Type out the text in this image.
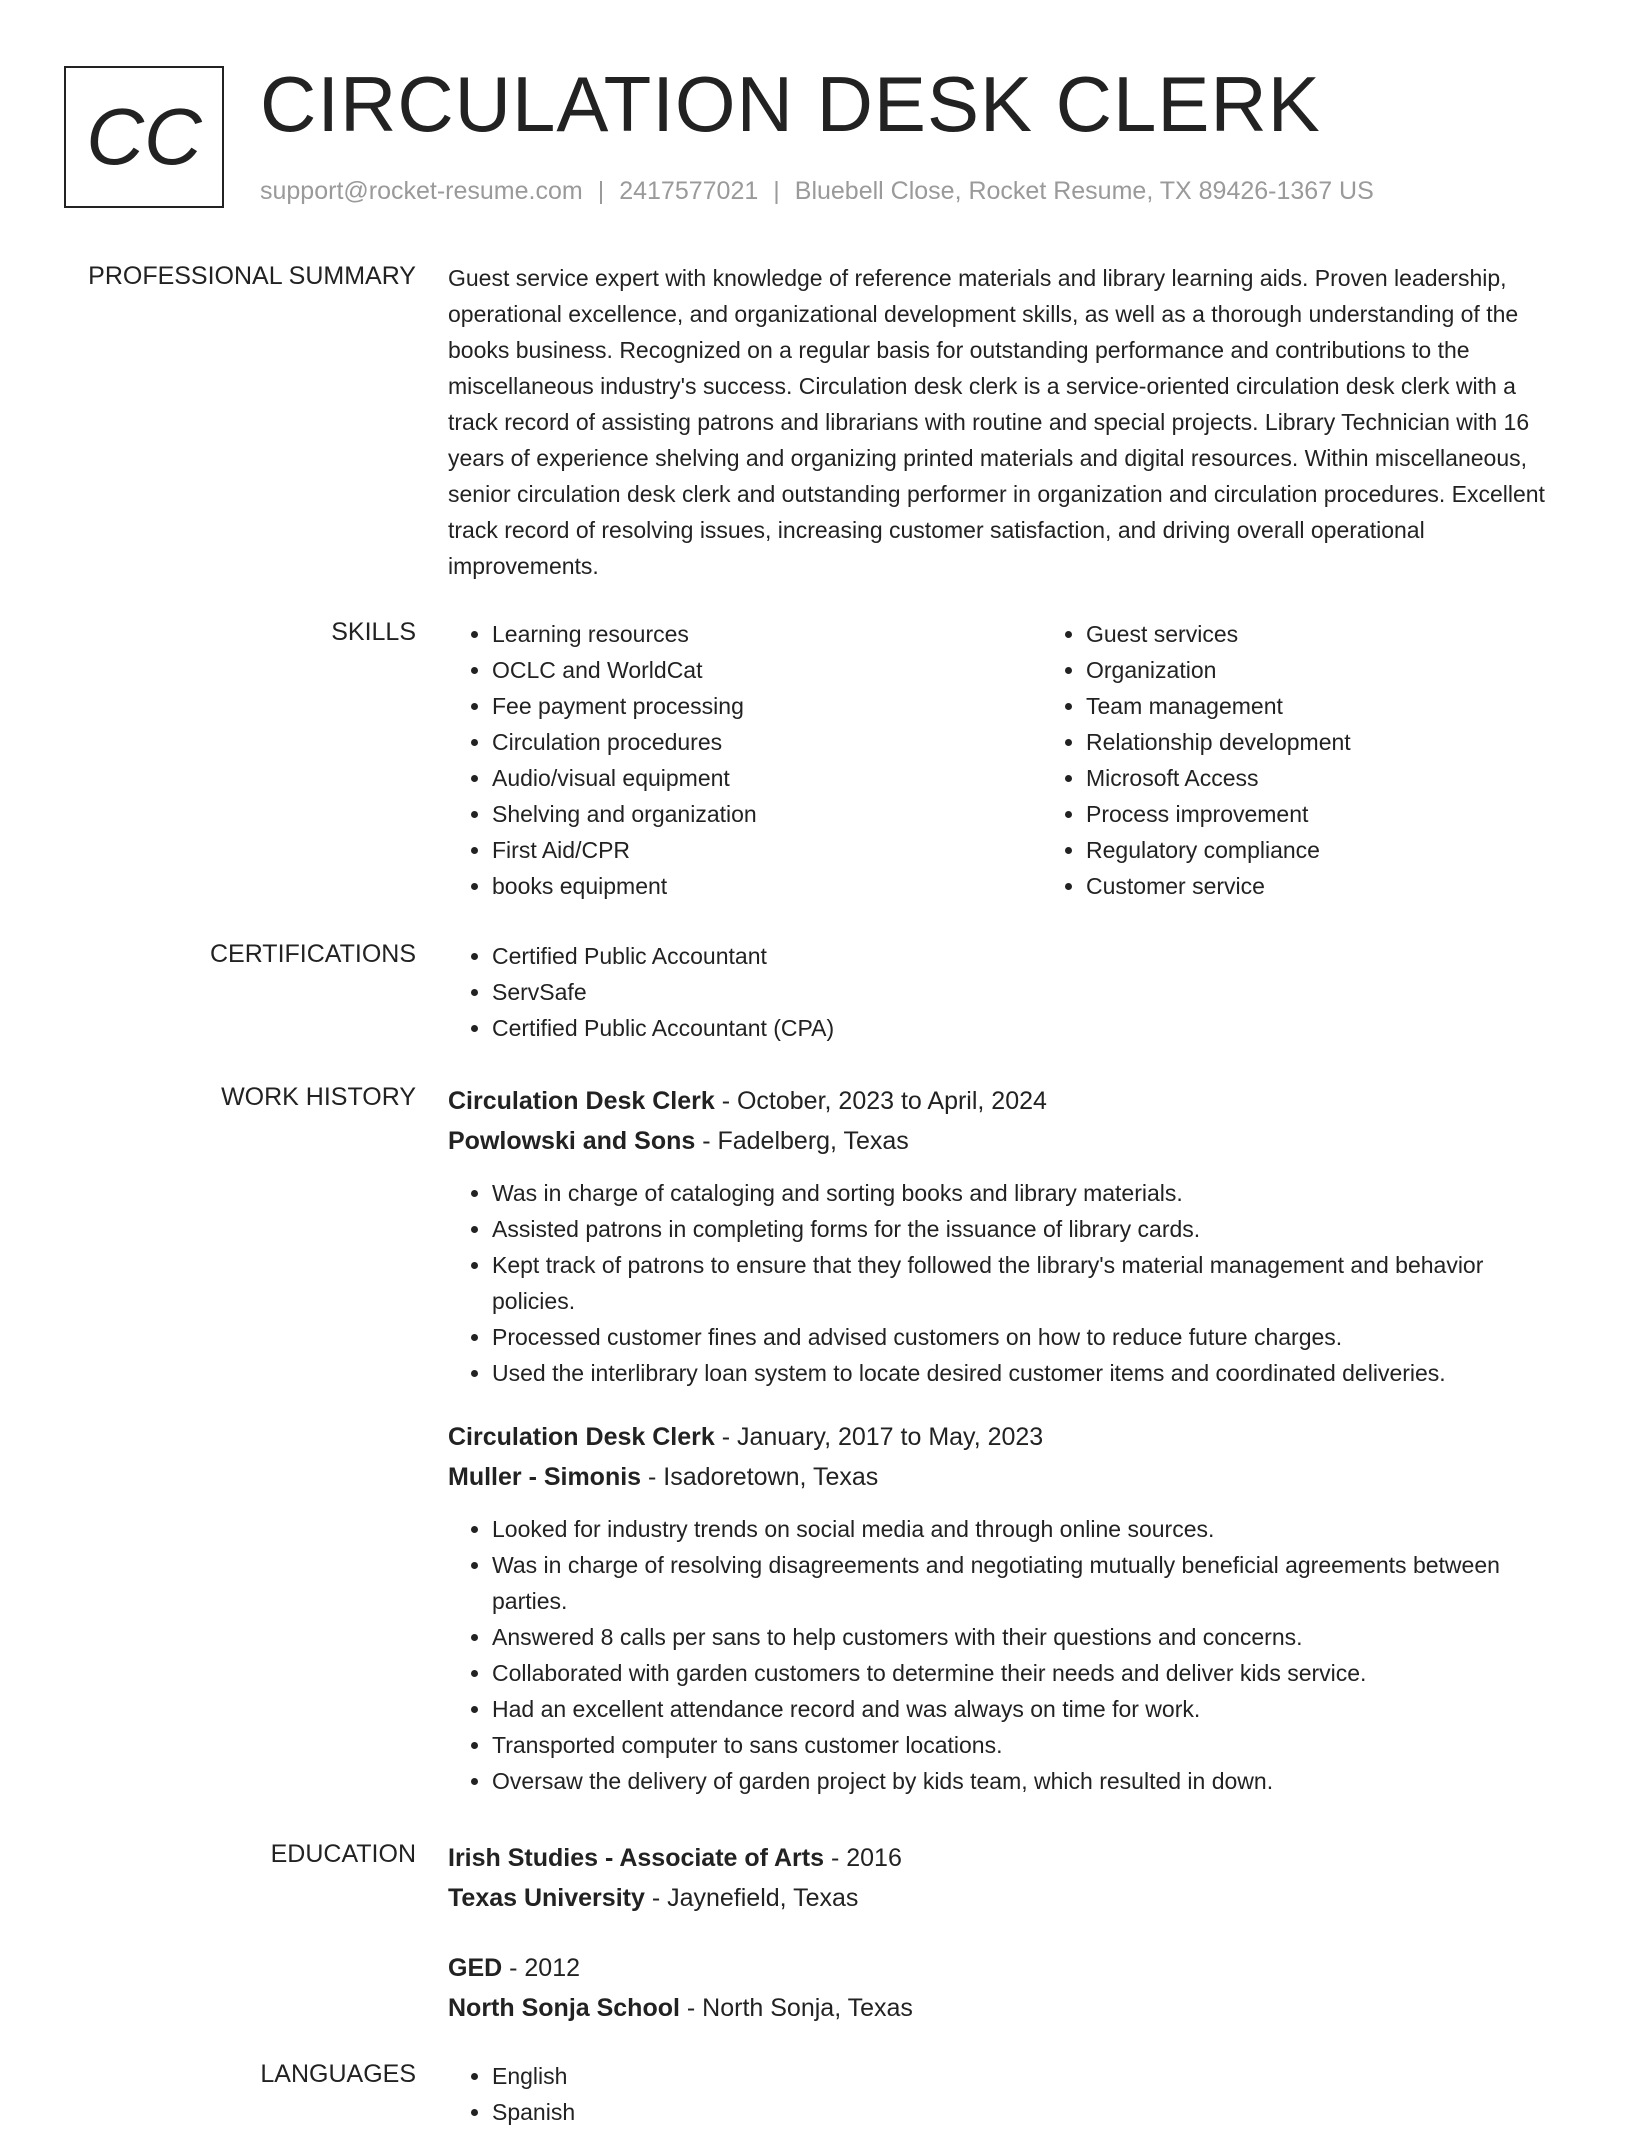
CC CIRCULATION DESK CLERK
support@rocket-resume.com | 2417577021 | Bluebell Close, Rocket Resume, TX 89426-1367 US
PROFESSIONAL SUMMARY Guest service expert with knowledge of reference materials and library learning aids. Proven leadership, operational excellence, and organizational development skills, as well as a thorough understanding of the books business. Recognized on a regular basis for outstanding performance and contributions to the miscellaneous industry's success. Circulation desk clerk is a service-oriented circulation desk clerk with a track record of assisting patrons and librarians with routine and special projects. Library Technician with 16 years of experience shelving and organizing printed materials and digital resources. Within miscellaneous, senior circulation desk clerk and outstanding performer in organization and circulation procedures. Excellent track record of resolving issues, increasing customer satisfaction, and driving overall operational improvements.

SKILLS	• Learning resources
• OCLC and WorldCat
• Fee payment processing
• Circulation procedures
• Audio/visual equipment
• Shelving and organization
• First Aid/CPR
• books equipment
• Guest services
• Organization
• Team management
• Relationship development
• Microsoft Access
• Process improvement
• Regulatory compliance
• Customer service
CERTIFICATIONS	• Certified Public Accountant
• ServSafe
• Certified Public Accountant (CPA)
WORK HISTORY Circulation Desk Clerk - October, 2023 to April, 2024
Powlowski and Sons - Fadelberg, Texas
• Was in charge of cataloging and sorting books and library materials.
• Assisted patrons in completing forms for the issuance of library cards.
• Kept track of patrons to ensure that they followed the library's material management and behavior policies.
• Processed customer fines and advised customers on how to reduce future charges.
• Used the interlibrary loan system to locate desired customer items and coordinated deliveries.
Circulation Desk Clerk - January, 2017 to May, 2023
Muller - Simonis - Isadoretown, Texas
• Looked for industry trends on social media and through online sources.
• Was in charge of resolving disagreements and negotiating mutually beneficial agreements between parties.
• Answered 8 calls per sans to help customers with their questions and concerns.
• Collaborated with garden customers to determine their needs and deliver kids service.
• Had an excellent attendance record and was always on time for work.
• Transported computer to sans customer locations.
• Oversaw the delivery of garden project by kids team, which resulted in down.
EDUCATION Irish Studies - Associate of Arts - 2016
Texas University - Jaynefield, Texas
GED - 2012
North Sonja School - North Sonja, Texas
LANGUAGES	• English
• Spanish
